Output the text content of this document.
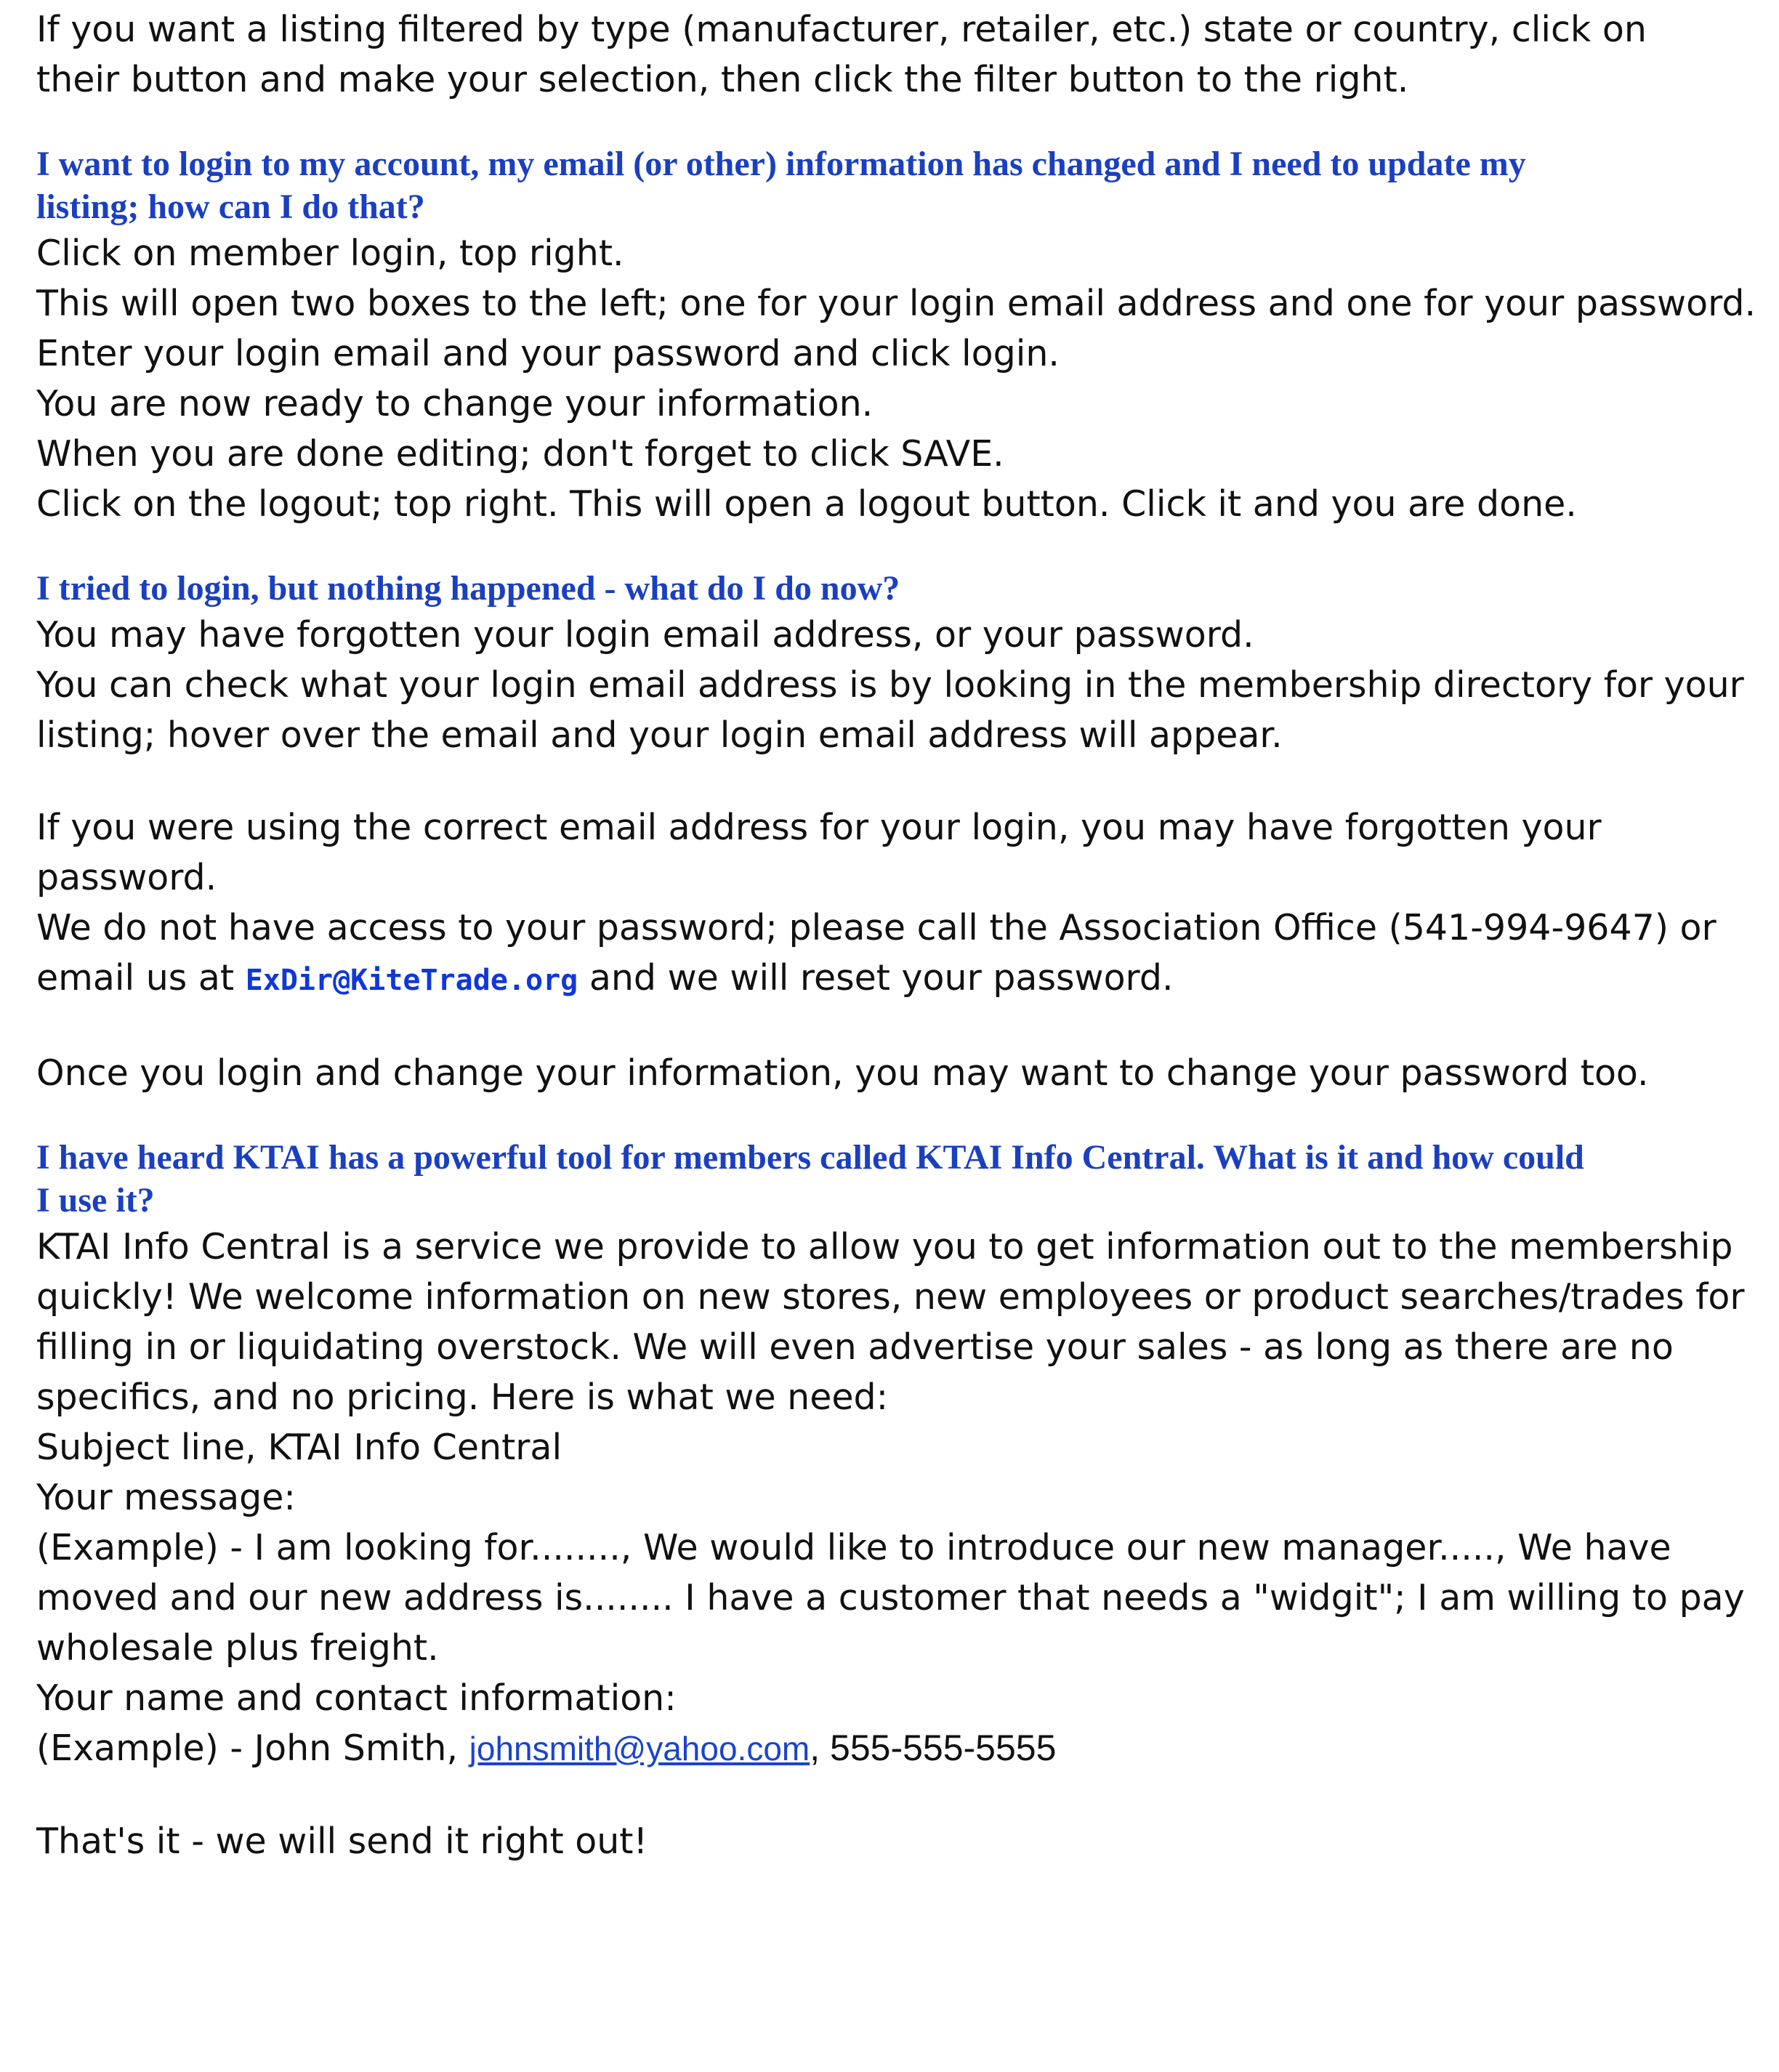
If you want a listing filtered by type (manufacturer, retailer, etc.) state or country, click on

their button and make your selection, then click the filter button to the right.

I want to login to my account, my email (or other) information has changed and I need to update my

listing; how can I do that?

Click on member login, top right.

This will open two boxes to the left; one for your login email address and one for your password.

Enter your login email and your password and click login.

You are now ready to change your information.

When you are done editing; don't forget to click SAVE.

Click on the logout; top right. This will open a logout button. Click it and you are done.

I tried to login, but nothing happened - what do I do now?

You may have forgotten your login email address, or your password.

You can check what your login email address is by looking in the membership directory for your

listing; hover over the email and your login email address will appear.

If you were using the correct email address for your login, you may have forgotten your

password.

We do not have access to your password; please call the Association Office (541-994-9647) or

email us at ExDir@KiteTrade.org and we will reset your password.

Once you login and change your information, you may want to change your password too.

I have heard KTAI has a powerful tool for members called KTAI Info Central. What is it and how could

I use it?

KTAI Info Central is a service we provide to allow you to get information out to the membership

quickly! We welcome information on new stores, new employees or product searches/trades for

filling in or liquidating overstock. We will even advertise your sales - as long as there are no

specifics, and no pricing. Here is what we need:

Subject line, KTAI Info Central

Your message:

(Example) - I am looking for........, We would like to introduce our new manager....., We have

moved and our new address is........ I have a customer that needs a "widgit"; I am willing to pay

wholesale plus freight.

Your name and contact information:

(Example) - John Smith, johnsmith@yahoo.com, 555-555-5555

That's it - we will send it right out!
